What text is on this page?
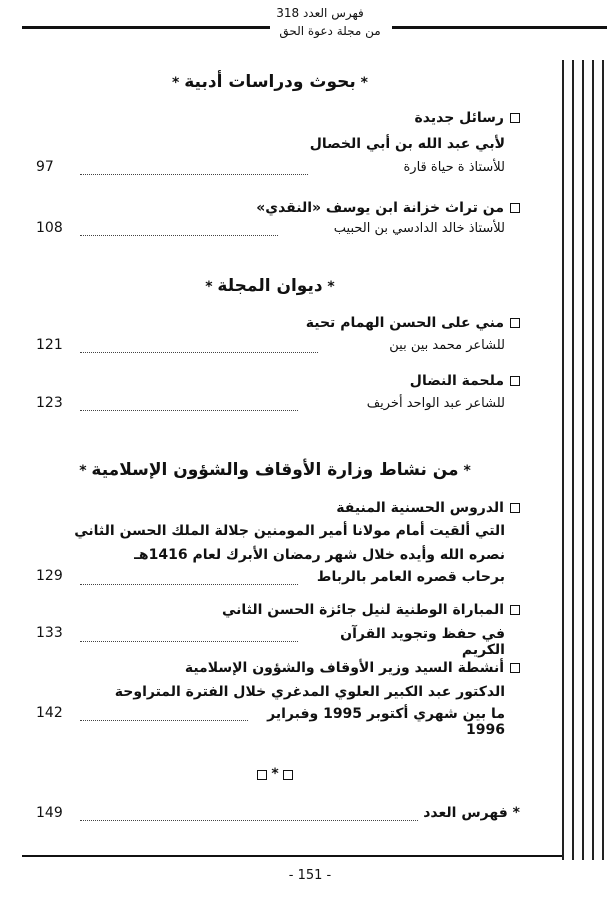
فهرس العدد 318
من مجلة دعوة الحق
* بحوث ودراسات أدبية *
رسائل جديدة
لأبي عبد الله بن أبي الخصال
للأستاذ ة حياة قارة
97
من تراث خزانة ابن يوسف «النقدي»
للأستاذ خالد الدادسي بن الحبيب
108
* ديوان المجلة *
مني على الحسن الهمام تحية
للشاعر محمد بين بين
121
ملحمة النضال
للشاعر عبد الواحد أخريف
123
* من نشاط وزارة الأوقاف والشؤون الإسلامية *
الدروس الحسنية المنيفة
التي ألقيت أمام مولانا أمير المومنين جلالة الملك الحسن الثاني
نصره الله وأيده خلال شهر رمضان الأبرك لعام 1416هـ
برحاب قصره العامر بالرباط
129
المباراة الوطنية لنيل جائزة الحسن الثاني
في حفظ وتجويد القرآن الكريم
133
أنشطة السيد وزير الأوقاف والشؤون الإسلامية
الدكتور عبد الكبير العلوي المدغري خلال الفترة المتراوحة
ما بين شهري أكتوبر 1995 وفبراير 1996
142
*
* فهرس العدد
149
- 151 -
